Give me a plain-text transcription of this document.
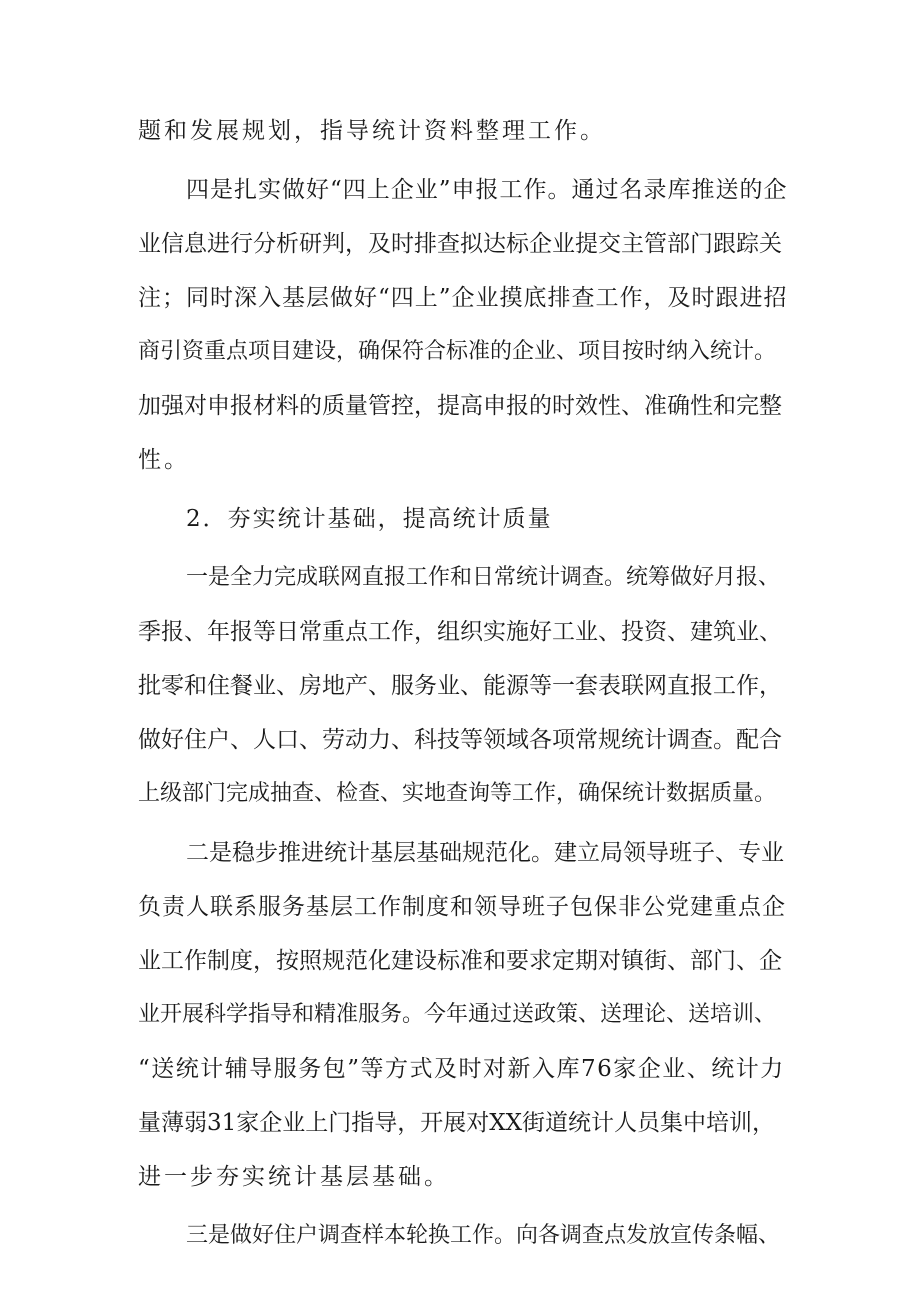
题和发展规划，指导统计资料整理工作。
四是扎实做好“四上企业”申报工作。通过名录库推送的企
业信息进行分析研判，及时排查拟达标企业提交主管部门跟踪关
注；同时深入基层做好“四上”企业摸底排查工作，及时跟进招
商引资重点项目建设，确保符合标准的企业、项目按时纳入统计。
加强对申报材料的质量管控，提高申报的时效性、准确性和完整
性。
2．夯实统计基础，提高统计质量
一是全力完成联网直报工作和日常统计调查。统筹做好月报、
季报、年报等日常重点工作，组织实施好工业、投资、建筑业、
批零和住餐业、房地产、服务业、能源等一套表联网直报工作，
做好住户、人口、劳动力、科技等领域各项常规统计调查。配合
上级部门完成抽查、检查、实地查询等工作，确保统计数据质量。
二是稳步推进统计基层基础规范化。建立局领导班子、专业
负责人联系服务基层工作制度和领导班子包保非公党建重点企
业工作制度，按照规范化建设标准和要求定期对镇街、部门、企
业开展科学指导和精准服务。今年通过送政策、送理论、送培训、
“送统计辅导服务包”等方式及时对新入库76家企业、统计力
量薄弱31家企业上门指导，开展对XX街道统计人员集中培训，
进一步夯实统计基层基础。
三是做好住户调查样本轮换工作。向各调查点发放宣传条幅、
